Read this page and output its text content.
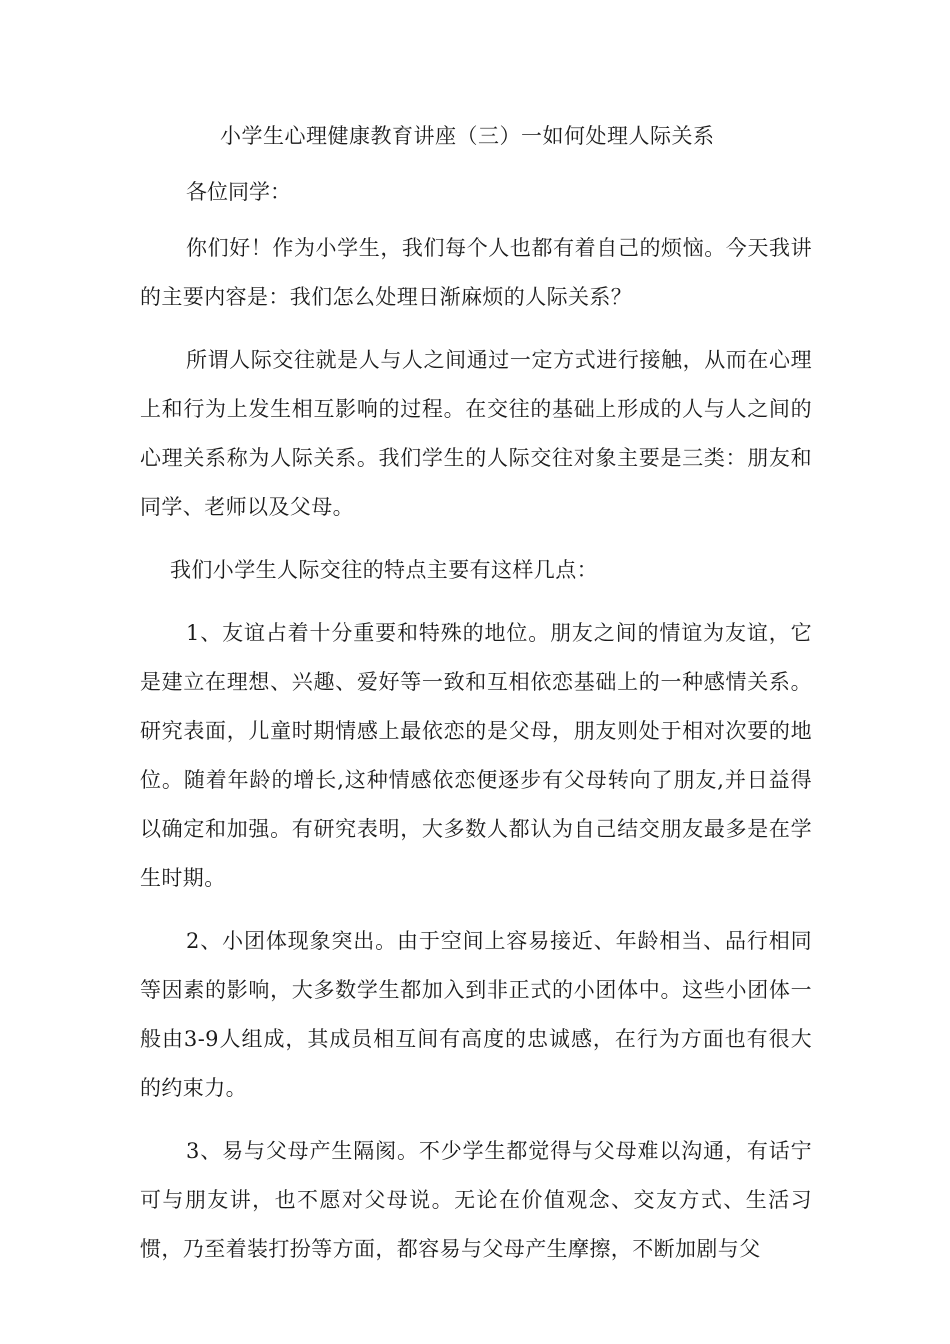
小学生心理健康教育讲座（三）一如何处理人际关系

各位同学：

你们好！作为小学生，我们每个人也都有着自己的烦恼。今天我讲的主要内容是：我们怎么处理日渐麻烦的人际关系？

所谓人际交往就是人与人之间通过一定方式进行接触，从而在心理上和行为上发生相互影响的过程。在交往的基础上形成的人与人之间的心理关系称为人际关系。我们学生的人际交往对象主要是三类：朋友和同学、老师以及父母。

我们小学生人际交往的特点主要有这样几点：

1、友谊占着十分重要和特殊的地位。朋友之间的情谊为友谊，它是建立在理想、兴趣、爱好等一致和互相依恋基础上的一种感情关系。研究表面，儿童时期情感上最依恋的是父母，朋友则处于相对次要的地位。随着年龄的增长,这种情感依恋便逐步有父母转向了朋友,并日益得以确定和加强。有研究表明，大多数人都认为自己结交朋友最多是在学生时期。

2、小团体现象突出。由于空间上容易接近、年龄相当、品行相同等因素的影响，大多数学生都加入到非正式的小团体中。这些小团体一般由3-9人组成，其成员相互间有高度的忠诚感，在行为方面也有很大的约束力。

3、易与父母产生隔阂。不少学生都觉得与父母难以沟通，有话宁可与朋友讲，也不愿对父母说。无论在价值观念、交友方式、生活习惯，乃至着装打扮等方面，都容易与父母产生摩擦，不断加剧与父
